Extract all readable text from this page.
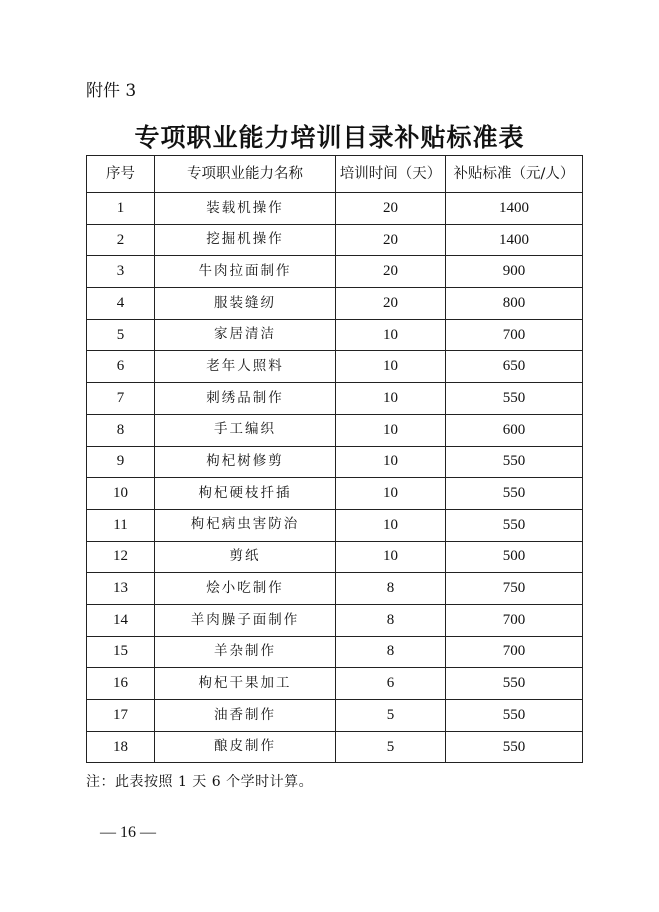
附件 3
专项职业能力培训目录补贴标准表
序号	专项职业能力名称	培训时间（天）	补贴标准（元/人）
1	装载机操作	20	1400
2	挖掘机操作	20	1400
3	牛肉拉面制作	20	900
4	服装缝纫	20	800
5	家居清洁	10	700
6	老年人照料	10	650
7	刺绣品制作	10	550
8	手工编织	10	600
9	枸杞树修剪	10	550
10	枸杞硬枝扦插	10	550
11	枸杞病虫害防治	10	550
12	剪纸	10	500
13	烩小吃制作	8	750
14	羊肉臊子面制作	8	700
15	羊杂制作	8	700
16	枸杞干果加工	6	550
17	油香制作	5	550
18	酿皮制作	5	550
注：此表按照 1 天 6 个学时计算。
— 16 —
